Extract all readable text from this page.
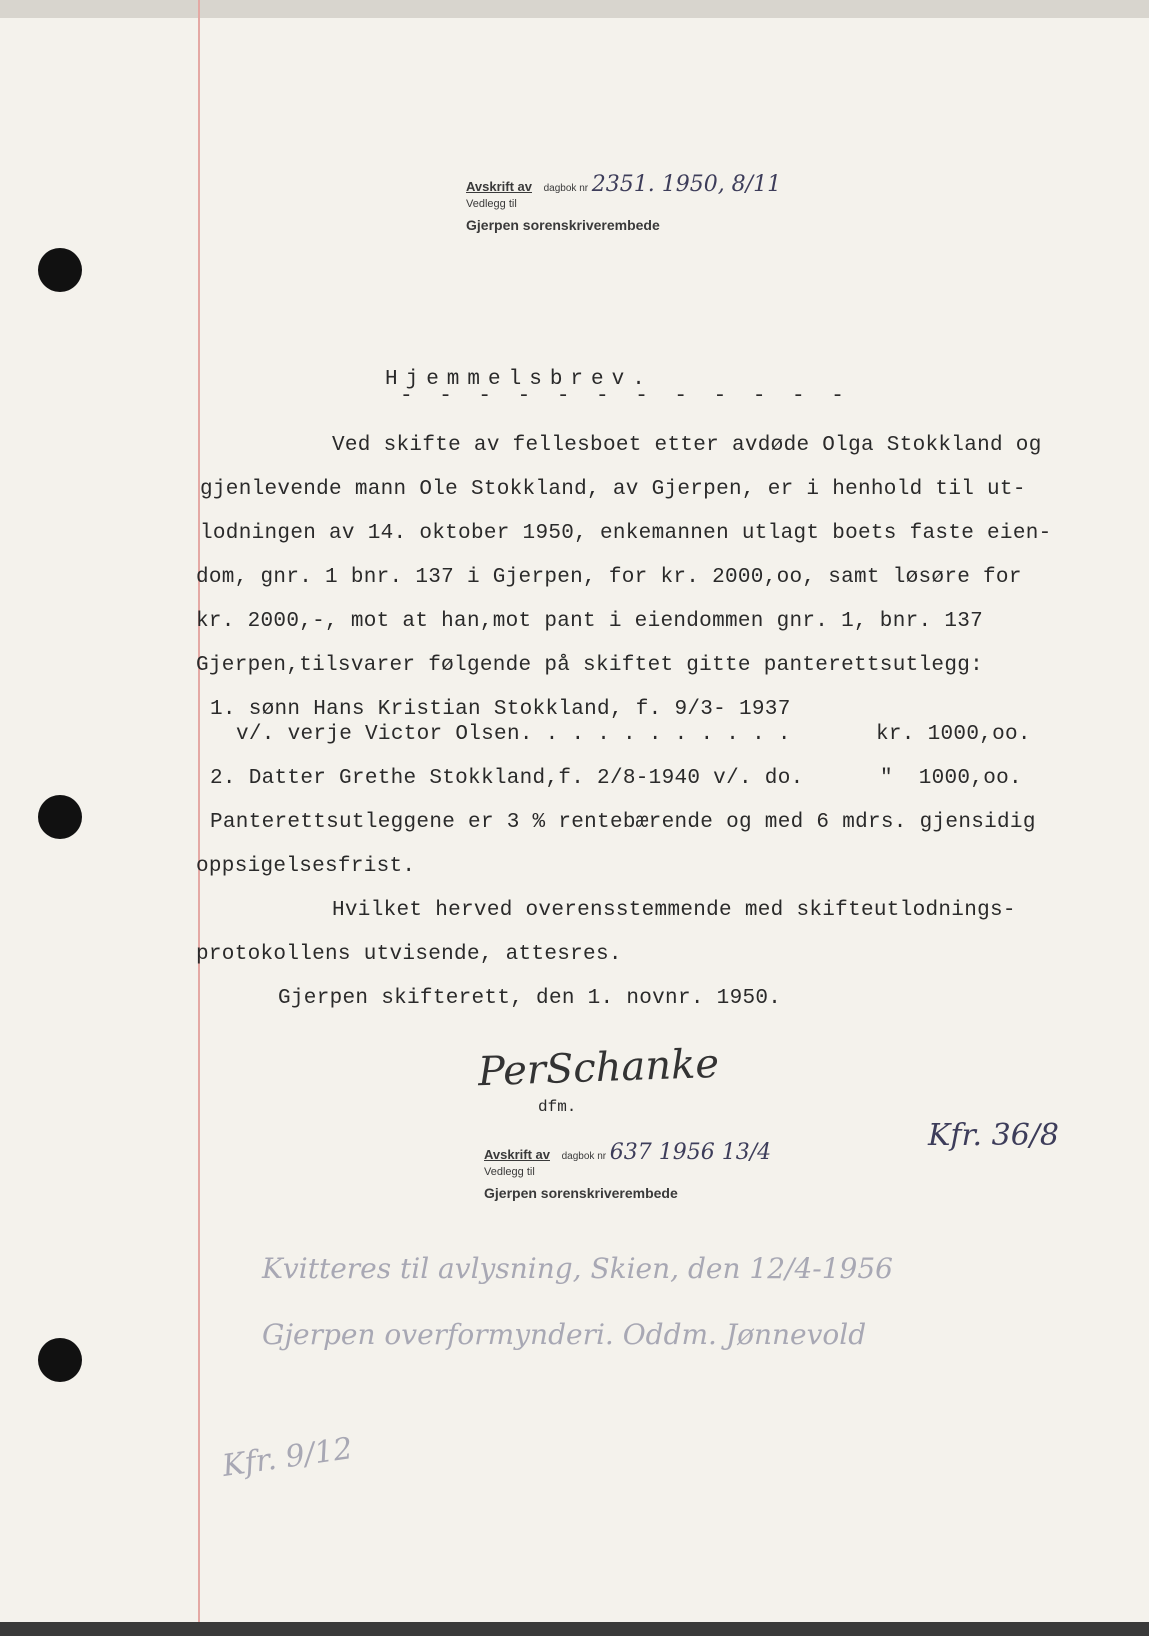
Avskrift av dagbok nr 2351. 1950, 8/11
Vedlegg til
Gjerpen sorenskriverembede
Hjemmelsbrev.
- - - - - - - - - - - -
Ved skifte av fellesboet etter avdøde Olga Stokkland og
gjenlevende mann Ole Stokkland, av Gjerpen, er i henhold til ut-
lodningen av 14. oktober 1950, enkemannen utlagt boets faste eien-
dom, gnr. 1 bnr. 137 i Gjerpen, for kr. 2000,oo, samt løsøre for
kr. 2000,-, mot at han,mot pant i eiendommen gnr. 1, bnr. 137
Gjerpen,tilsvarer følgende på skiftet gitte panterettsutlegg:
1. sønn Hans Kristian Stokkland, f. 9/3- 1937
v/. verje Victor Olsen. . . . . . . . . . .	kr. 1000,oo.
2. Datter Grethe Stokkland,f. 2/8-1940 v/. do.	"  1000,oo.
Panterettsutleggene er 3 % rentebærende og med 6 mdrs. gjensidig
oppsigelsesfrist.
Hvilket herved overensstemmende med skifteutlodnings-
protokollens utvisende, attesres.
Gjerpen skifterett, den 1. novnr. 1950.
PerSchanke
dfm.
Avskrift av dagbok nr 637 1956 13/4
Vedlegg til
Gjerpen sorenskriverembede
Kfr. 36/8
Kvitteres til avlysning, Skien, den 12/4-1956
Gjerpen overformynderi. Oddm. Jønnevold
Kfr. 9/12
